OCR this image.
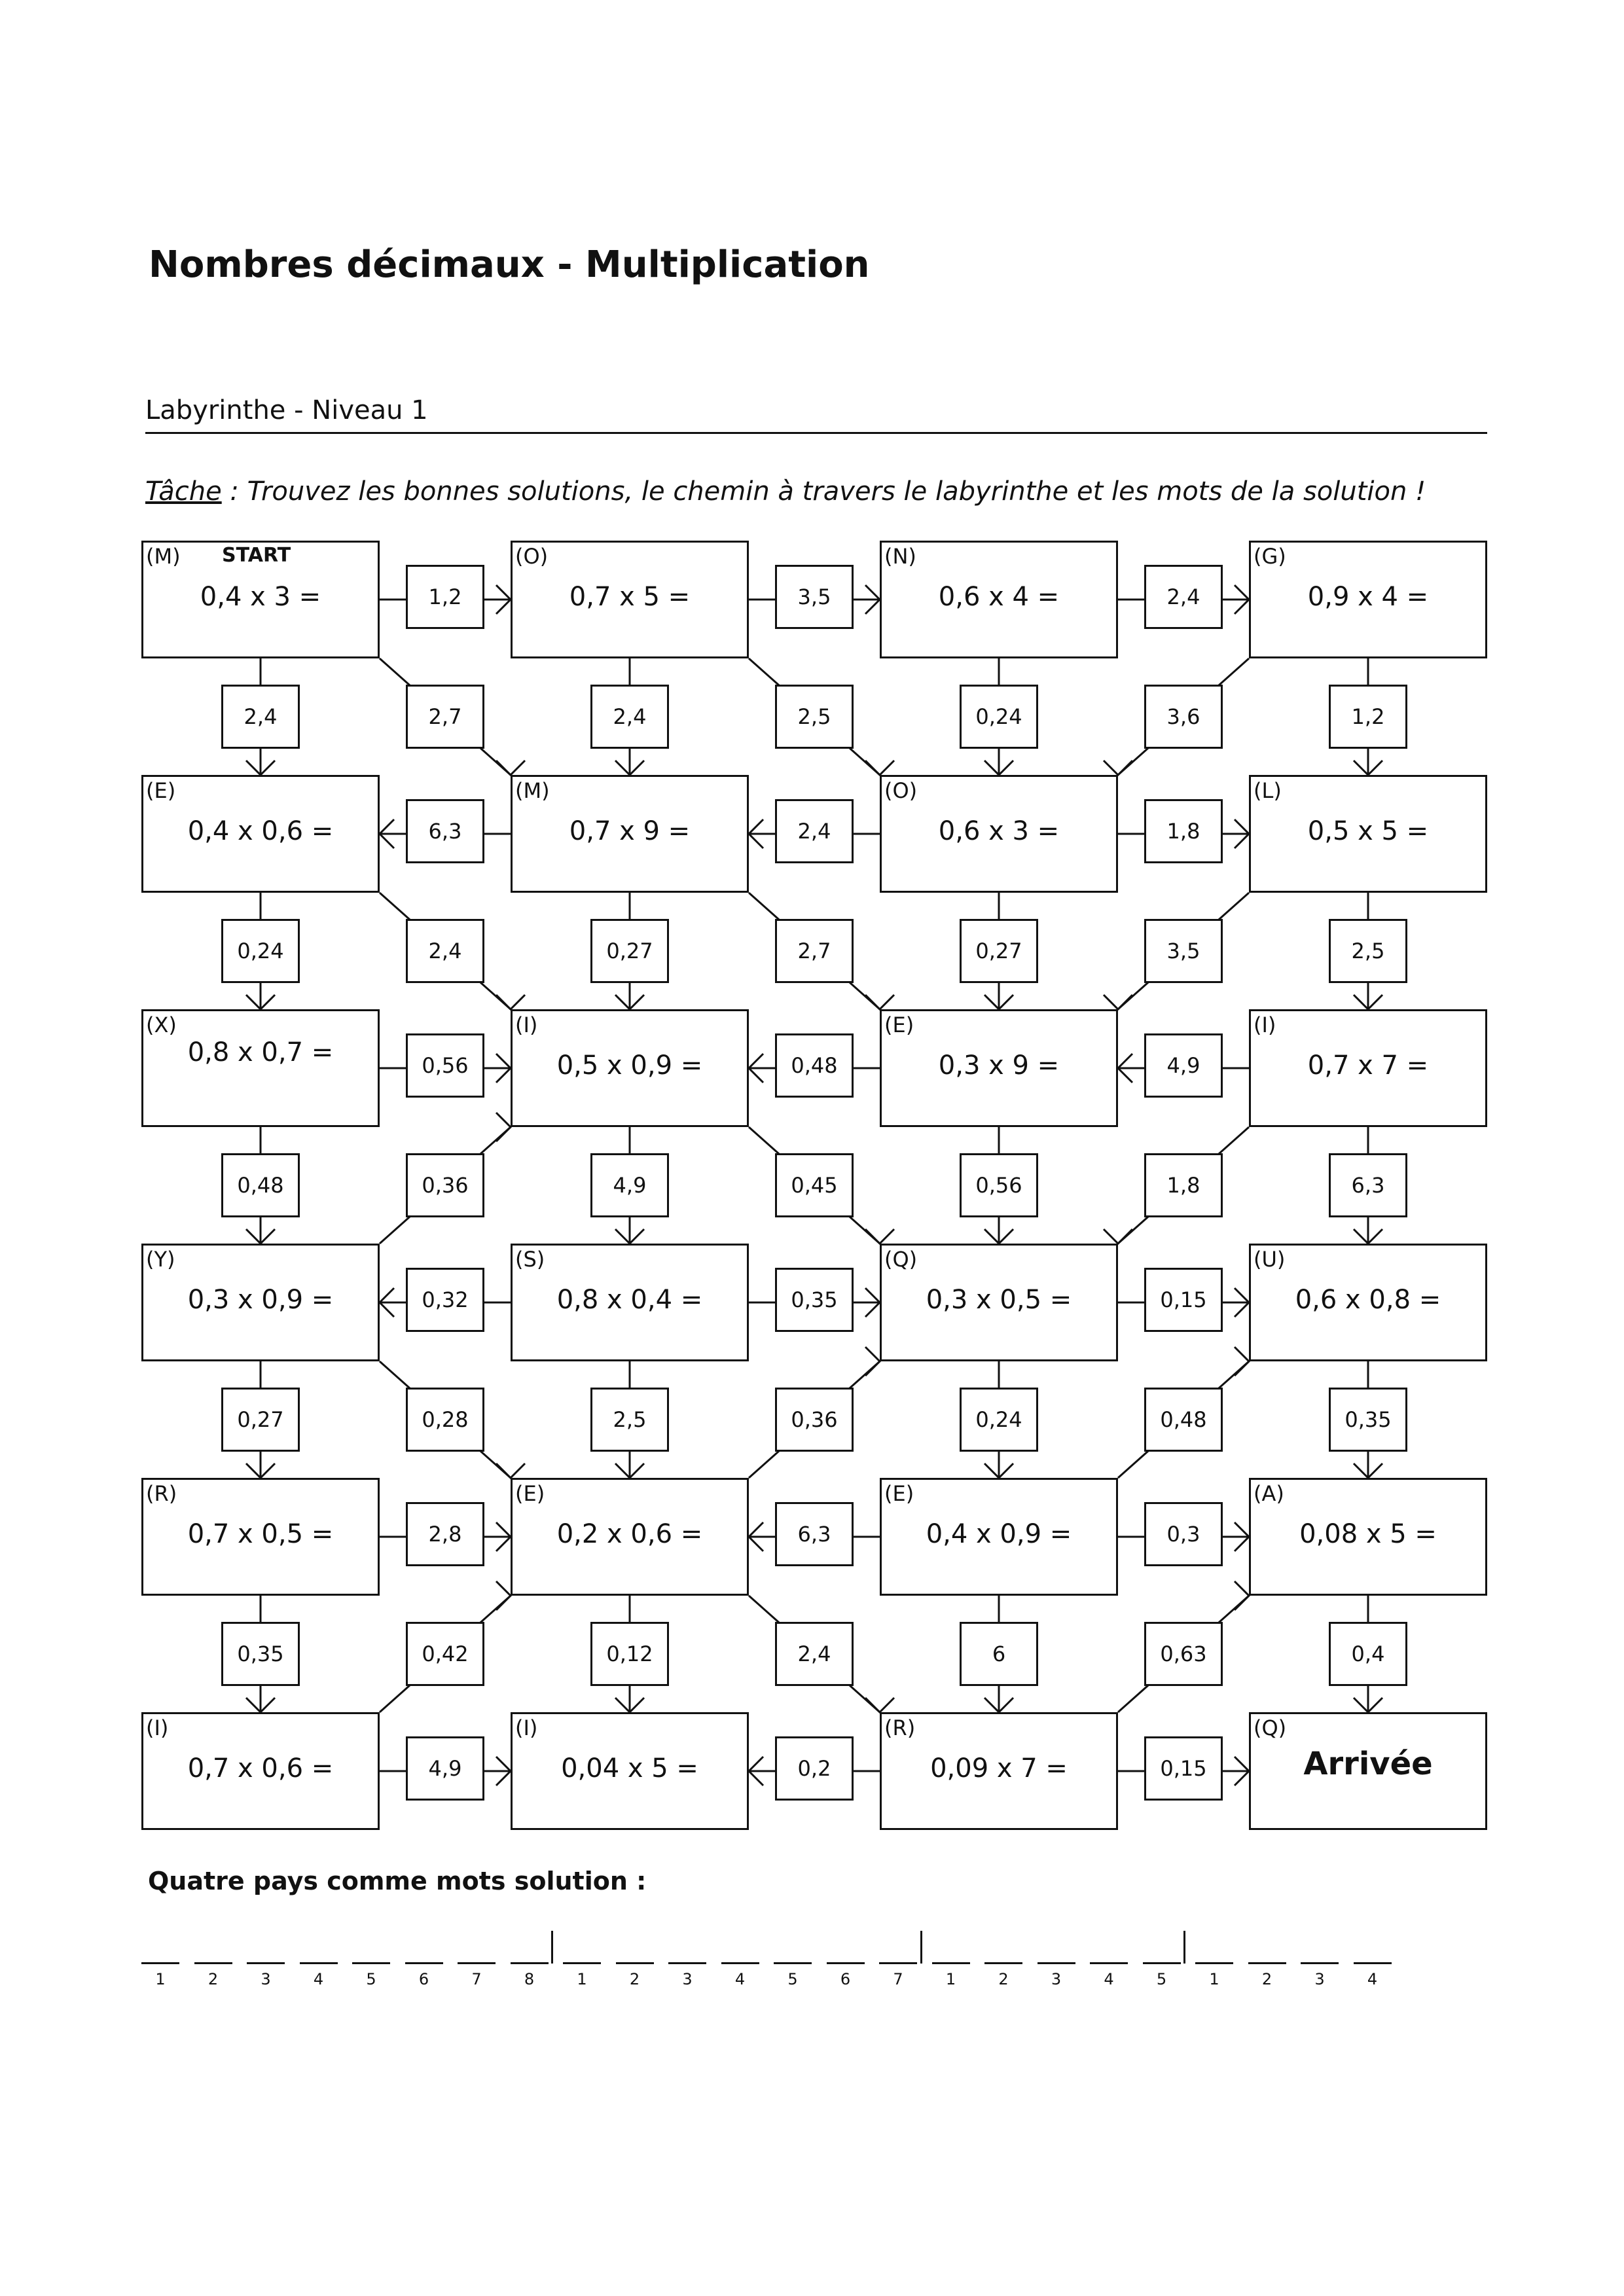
Nombres décimaux - Multiplication
Labyrinthe - Niveau 1
Tâche : Trouvez les bonnes solutions, le chemin à travers le labyrinthe et les mots de la solution !
1,2	3,5	2,4
6,3	2,4	1,8
0,56	0,48	4,9
0,32	0,35	0,15
2,8	6,3	0,3
4,9	0,2	0,15
2,4	2,4	0,24	1,2
2,7	2,5	3,6
0,24	0,27	0,27	2,5
2,4	2,7	3,5
0,48	4,9	0,56	6,3
0,36	0,45	1,8
0,27	2,5	0,24	0,35
0,28	0,36	0,48
0,35	0,12	6	0,4
0,42	2,4	0,63
(M) START
0,4 x 3 =
(O)
0,7 x 5 =
(N)
0,6 x 4 =
(G)
0,9 x 4 =
(E)
0,4 x 0,6 =
(M)
0,7 x 9 =
(O)
0,6 x 3 =
(L)
0,5 x 5 =
(X)
0,8 x 0,7 =
(I)
0,5 x 0,9 =
(E)
0,3 x 9 =
(I)
0,7 x 7 =
(Y)
0,3 x 0,9 =
(S)
0,8 x 0,4 =
(Q)
0,3 x 0,5 =
(U)
0,6 x 0,8 =
(R)
0,7 x 0,5 =
(E)
0,2 x 0,6 =
(E)
0,4 x 0,9 =
(A)
0,08 x 5 =
(I)
0,7 x 0,6 =
(I)
0,04 x 5 =
(R)
0,09 x 7 =
(Q)
Arrivée
Quatre pays comme mots solution :
1	2	3	4	5	6	7	8	1	2	3	4	5	6	7	1	2	3	4	5	1	2	3	4
